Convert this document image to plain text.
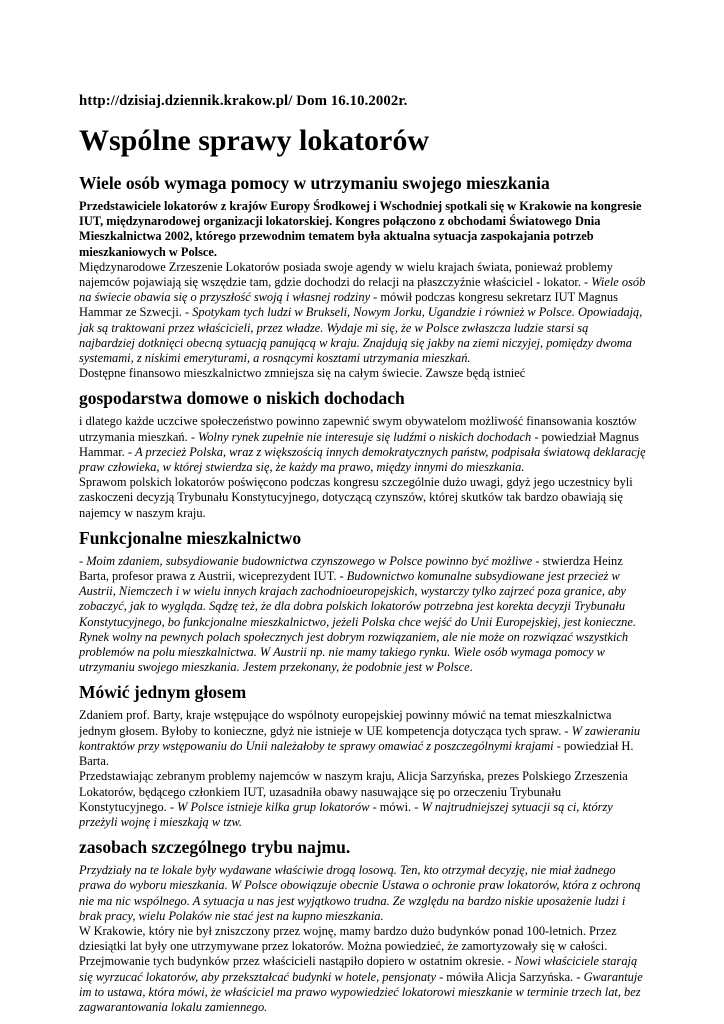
http://dzisiaj.dziennik.krakow.pl/ Dom 16.10.2002r.
Wspólne sprawy lokatorów
Wiele osób wymaga pomocy w utrzymaniu swojego mieszkania

Przedstawiciele lokatorów z krajów Europy Środkowej i Wschodniej spotkali się w Krakowie na kongresie IUT, międzynarodowej organizacji lokatorskiej. Kongres połączono z obchodami Światowego Dnia Mieszkalnictwa 2002, którego przewodnim tematem była aktualna sytuacja zaspokajania potrzeb mieszkaniowych w Polsce.

Międzynarodowe Zrzeszenie Lokatorów posiada swoje agendy w wielu krajach świata, ponieważ problemy najemców pojawiają się wszędzie tam, gdzie dochodzi do relacji na płaszczyźnie właściciel - lokator. - Wiele osób na świecie obawia się o przyszłość swoją i własnej rodziny - mówił podczas kongresu sekretarz IUT Magnus Hammar ze Szwecji. - Spotykam tych ludzi w Brukseli, Nowym Jorku, Ugandzie i również w Polsce. Opowiadają, jak są traktowani przez właścicieli, przez władze. Wydaje mi się, że w Polsce zwłaszcza ludzie starsi są najbardziej dotknięci obecną sytuacją panującą w kraju. Znajdują się jakby na ziemi niczyjej, pomiędzy dwoma systemami, z niskimi emeryturami, a rosnącymi kosztami utrzymania mieszkań.

Dostępne finansowo mieszkalnictwo zmniejsza się na całym świecie. Zawsze będą istnieć

gospodarstwa domowe o niskich dochodach

i dlatego każde uczciwe społeczeństwo powinno zapewnić swym obywatelom możliwość finansowania kosztów utrzymania mieszkań. - Wolny rynek zupełnie nie interesuje się ludźmi o niskich dochodach - powiedział Magnus Hammar. - A przecież Polska, wraz z większością innych demokratycznych państw, podpisała światową deklarację praw człowieka, w której stwierdza się, że każdy ma prawo, między innymi do mieszkania.

Sprawom polskich lokatorów poświęcono podczas kongresu szczególnie dużo uwagi, gdyż jego uczestnicy byli zaskoczeni decyzją Trybunału Konstytucyjnego, dotyczącą czynszów, której skutków tak bardzo obawiają się najemcy w naszym kraju.

Funkcjonalne mieszkalnictwo

- Moim zdaniem, subsydiowanie budownictwa czynszowego w Polsce powinno być możliwe - stwierdza Heinz Barta, profesor prawa z Austrii, wiceprezydent IUT. - Budownictwo komunalne subsydiowane jest przecież w Austrii, Niemczech i w wielu innych krajach zachodnioeuropejskich, wystarczy tylko zajrzeć poza granice, aby zobaczyć, jak to wygląda. Sądzę też, że dla dobra polskich lokatorów potrzebna jest korekta decyzji Trybunału Konstytucyjnego, bo funkcjonalne mieszkalnictwo, jeżeli Polska chce wejść do Unii Europejskiej, jest konieczne. Rynek wolny na pewnych polach społecznych jest dobrym rozwiązaniem, ale nie może on rozwiązać wszystkich problemów na polu mieszkalnictwa. W Austrii np. nie mamy takiego rynku. Wiele osób wymaga pomocy w utrzymaniu swojego mieszkania. Jestem przekonany, że podobnie jest w Polsce.

Mówić jednym głosem

Zdaniem prof. Barty, kraje wstępujące do wspólnoty europejskiej powinny mówić na temat mieszkalnictwa jednym głosem. Byłoby to konieczne, gdyż nie istnieje w UE kompetencja dotycząca tych spraw. - W zawieraniu kontraktów przy wstępowaniu do Unii należałoby te sprawy omawiać z poszczególnymi krajami - powiedział H. Barta.

Przedstawiając zebranym problemy najemców w naszym kraju, Alicja Sarzyńska, prezes Polskiego Zrzeszenia Lokatorów, będącego członkiem IUT, uzasadniła obawy nasuwające się po orzeczeniu Trybunału Konstytucyjnego. - W Polsce istnieje kilka grup lokatorów - mówi. - W najtrudniejszej sytuacji są ci, którzy przeżyli wojnę i mieszkają w tzw.

zasobach szczególnego trybu najmu.

Przydziały na te lokale były wydawane właściwie drogą losową. Ten, kto otrzymał decyzję, nie miał żadnego prawa do wyboru mieszkania. W Polsce obowiązuje obecnie Ustawa o ochronie praw lokatorów, która z ochroną nie ma nic wspólnego. A sytuacja u nas jest wyjątkowo trudna. Ze względu na bardzo niskie uposażenie ludzi i brak pracy, wielu Polaków nie stać jest na kupno mieszkania.

W Krakowie, który nie był zniszczony przez wojnę, mamy bardzo dużo budynków ponad 100-letnich. Przez dziesiątki lat były one utrzymywane przez lokatorów. Można powiedzieć, że zamortyzowały się w całości. Przejmowanie tych budynków przez właścicieli nastąpiło dopiero w ostatnim okresie. - Nowi właściciele starają się wyrzucać lokatorów, aby przekształcać budynki w hotele, pensjonaty - mówiła Alicja Sarzyńska. - Gwarantuje im to ustawa, która mówi, że właściciel ma prawo wypowiedzieć lokatorowi mieszkanie w terminie trzech lat, bez zagwarantowania lokalu zamiennego.
